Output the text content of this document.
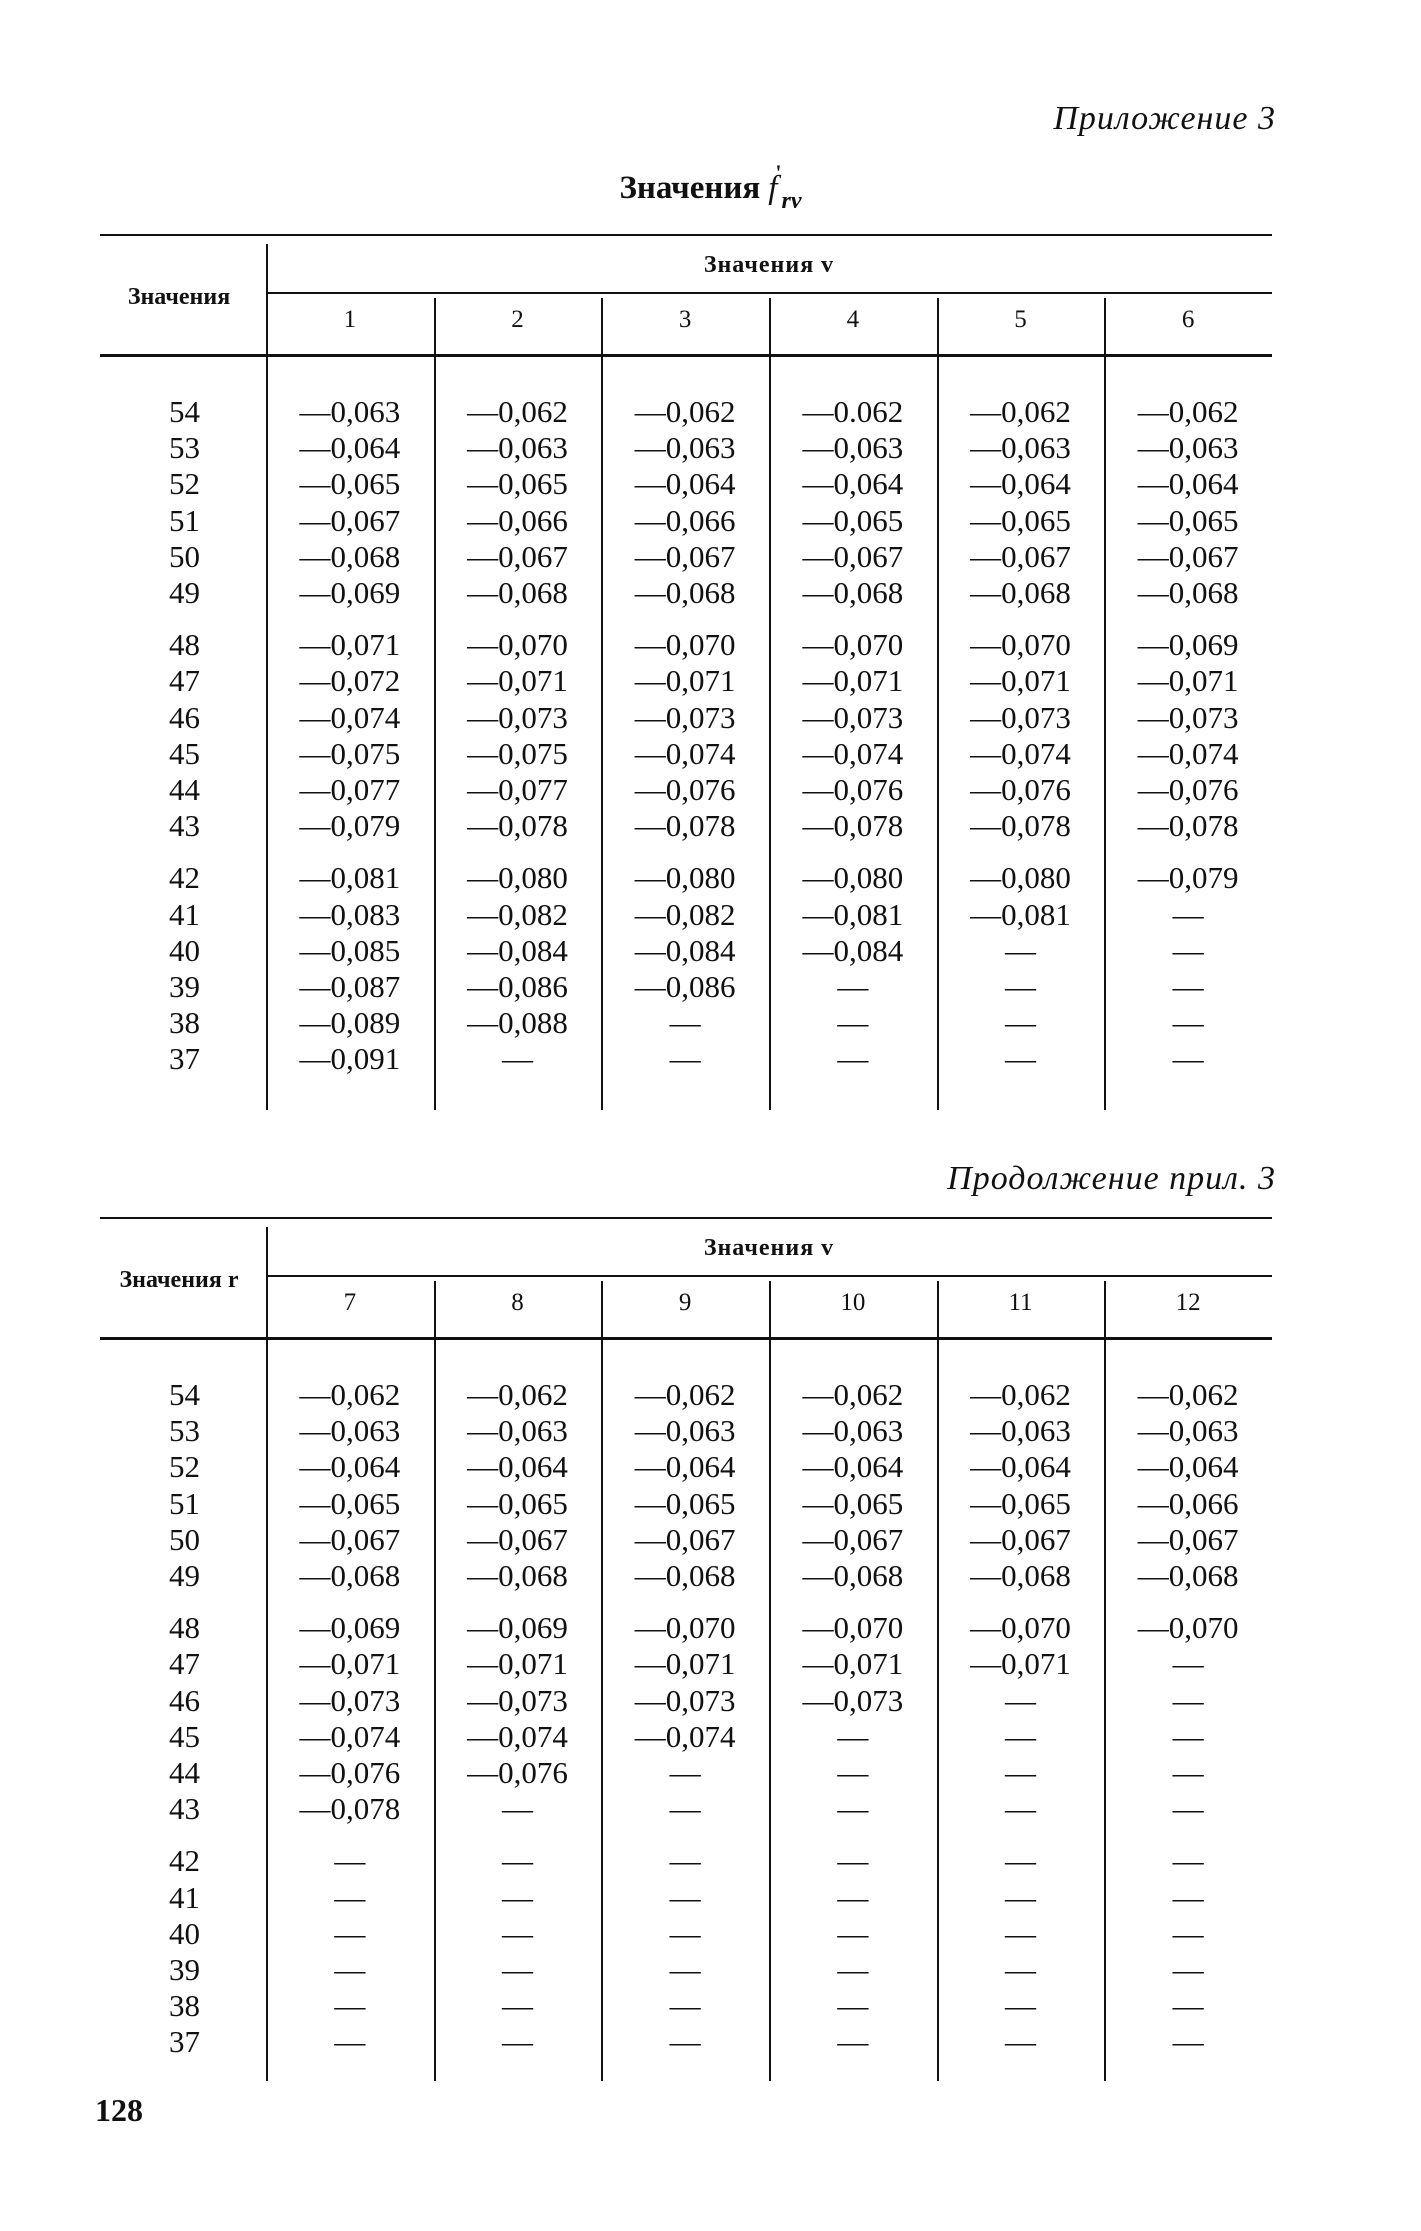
Приложение 3
Значения $f'_{rv}$
Значения
Значения v
1	2	3	4	5	6
54	—0,063	—0,062	—0,062	—0.062	—0,062	—0,062
53	—0,064	—0,063	—0,063	—0,063	—0,063	—0,063
52	—0,065	—0,065	—0,064	—0,064	—0,064	—0,064
51	—0,067	—0,066	—0,066	—0,065	—0,065	—0,065
50	—0,068	—0,067	—0,067	—0,067	—0,067	—0,067
49	—0,069	—0,068	—0,068	—0,068	—0,068	—0,068
48	—0,071	—0,070	—0,070	—0,070	—0,070	—0,069
47	—0,072	—0,071	—0,071	—0,071	—0,071	—0,071
46	—0,074	—0,073	—0,073	—0,073	—0,073	—0,073
45	—0,075	—0,075	—0,074	—0,074	—0,074	—0,074
44	—0,077	—0,077	—0,076	—0,076	—0,076	—0,076
43	—0,079	—0,078	—0,078	—0,078	—0,078	—0,078
42	—0,081	—0,080	—0,080	—0,080	—0,080	—0,079
41	—0,083	—0,082	—0,082	—0,081	—0,081	—
40	—0,085	—0,084	—0,084	—0,084	—	—
39	—0,087	—0,086	—0,086	—	—	—
38	—0,089	—0,088	—	—	—	—
37	—0,091	—	—	—	—	—
Продолжение прил. 3
Значения r
Значения v
7	8	9	10	11	12
54	—0,062	—0,062	—0,062	—0,062	—0,062	—0,062
53	—0,063	—0,063	—0,063	—0,063	—0,063	—0,063
52	—0,064	—0,064	—0,064	—0,064	—0,064	—0,064
51	—0,065	—0,065	—0,065	—0,065	—0,065	—0,066
50	—0,067	—0,067	—0,067	—0,067	—0,067	—0,067
49	—0,068	—0,068	—0,068	—0,068	—0,068	—0,068
48	—0,069	—0,069	—0,070	—0,070	—0,070	—0,070
47	—0,071	—0,071	—0,071	—0,071	—0,071	—
46	—0,073	—0,073	—0,073	—0,073	—	—
45	—0,074	—0,074	—0,074	—	—	—
44	—0,076	—0,076	—	—	—	—
43	—0,078	—	—	—	—	—
42	—	—	—	—	—	—
41	—	—	—	—	—	—
40	—	—	—	—	—	—
39	—	—	—	—	—	—
38	—	—	—	—	—	—
37	—	—	—	—	—	—
128
